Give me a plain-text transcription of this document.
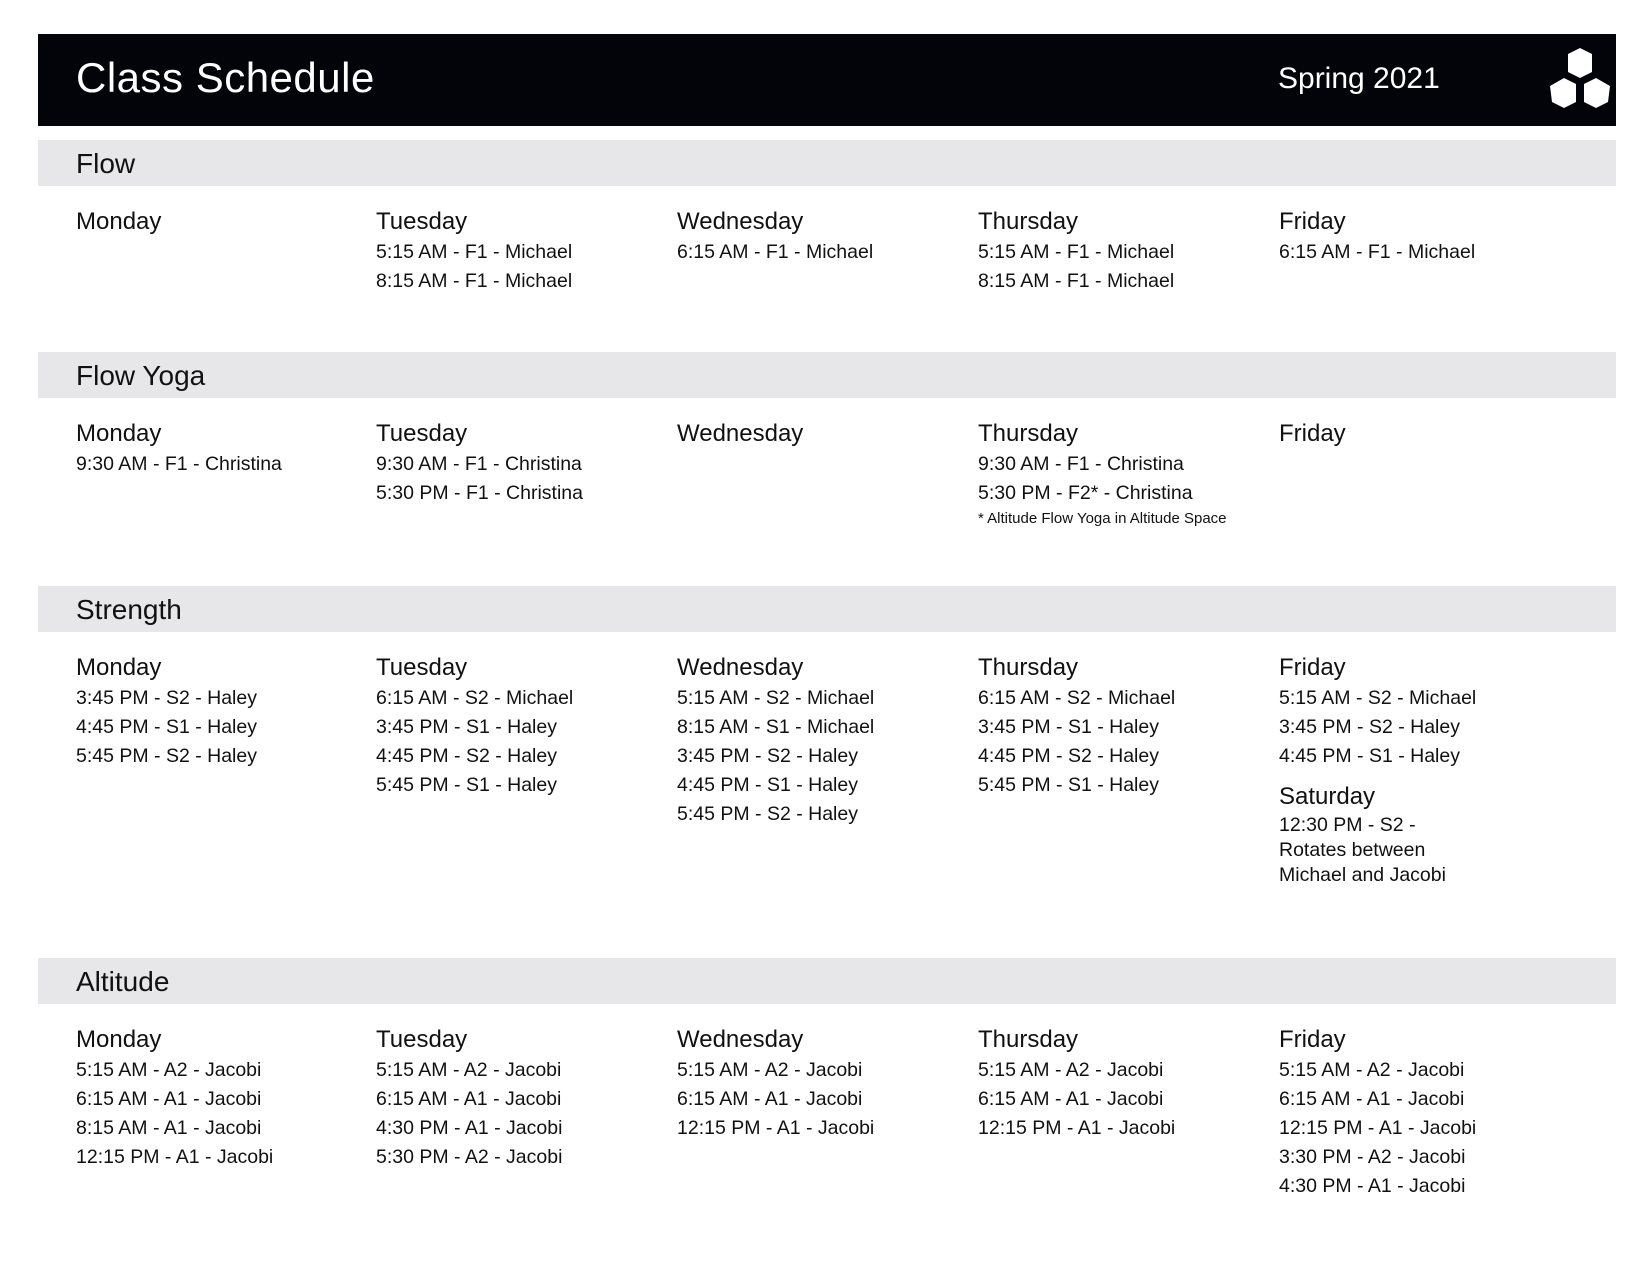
Class Schedule	Spring 2021
Flow
Monday	Tuesday
5:15 AM - F1 - Michael
8:15 AM - F1 - Michael
Wednesday
6:15 AM - F1 - Michael
Thursday
5:15 AM - F1 - Michael
8:15 AM - F1 - Michael
Friday
6:15 AM - F1 - Michael
Flow Yoga
Monday
9:30 AM - F1 - Christina
Tuesday
9:30 AM - F1 - Christina
5:30 PM - F1 - Christina
Wednesday	Thursday
9:30 AM - F1 - Christina
5:30 PM - F2* - Christina
* Altitude Flow Yoga in Altitude Space
Friday
Strength
Monday
3:45 PM - S2 - Haley
4:45 PM - S1 - Haley
5:45 PM - S2 - Haley
Tuesday
6:15 AM - S2 - Michael
3:45 PM - S1 - Haley
4:45 PM - S2 - Haley
5:45 PM - S1 - Haley
Wednesday
5:15 AM - S2 - Michael
8:15 AM - S1 - Michael
3:45 PM - S2 - Haley
4:45 PM - S1 - Haley
5:45 PM - S2 - Haley
Thursday
6:15 AM - S2 - Michael
3:45 PM - S1 - Haley
4:45 PM - S2 - Haley
5:45 PM - S1 - Haley
Friday
5:15 AM - S2 - Michael
3:45 PM - S2 - Haley
4:45 PM - S1 - Haley
Saturday
12:30 PM - S2 - Rotates between Michael and Jacobi
Altitude
Monday
5:15 AM - A2 - Jacobi
6:15 AM - A1 - Jacobi
8:15 AM - A1 - Jacobi
12:15 PM - A1 - Jacobi
Tuesday
5:15 AM - A2 - Jacobi
6:15 AM - A1 - Jacobi
4:30 PM - A1 - Jacobi
5:30 PM - A2 - Jacobi
Wednesday
5:15 AM - A2 - Jacobi
6:15 AM - A1 - Jacobi
12:15 PM - A1 - Jacobi
Thursday
5:15 AM - A2 - Jacobi
6:15 AM - A1 - Jacobi
12:15 PM - A1 - Jacobi
Friday
5:15 AM - A2 - Jacobi
6:15 AM - A1 - Jacobi
12:15 PM - A1 - Jacobi
3:30 PM - A2 - Jacobi
4:30 PM - A1 - Jacobi
